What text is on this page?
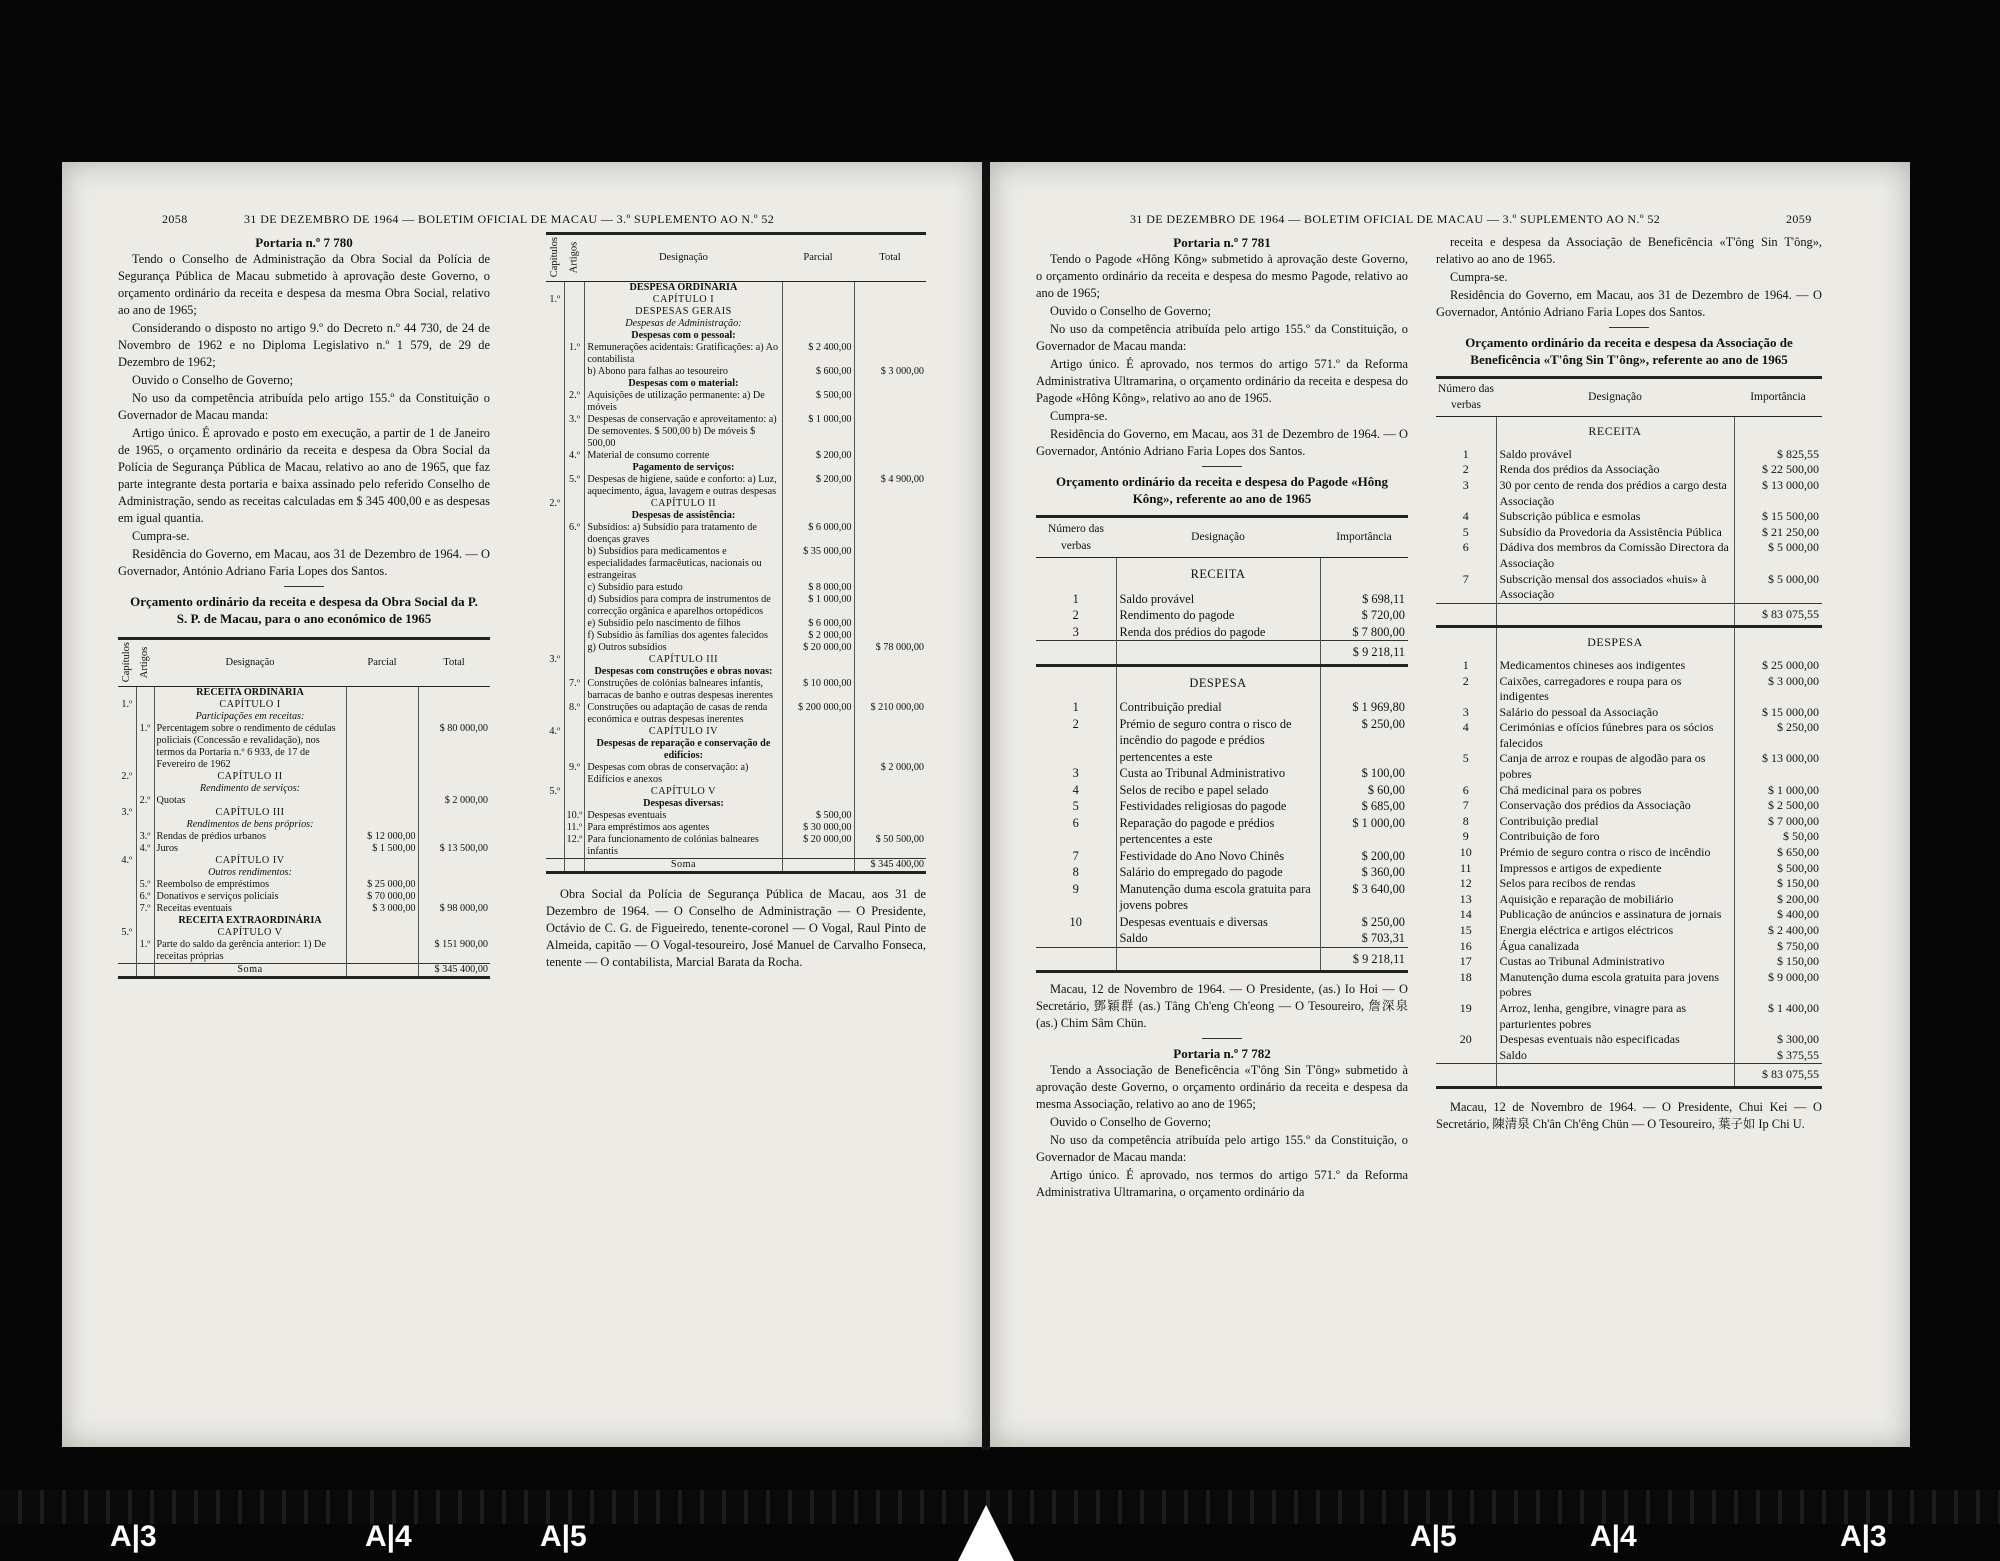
2058	31 DE DEZEMBRO DE 1964 — BOLETIM OFICIAL DE MACAU — 3.º SUPLEMENTO AO N.º 52
Portaria n.º 7 780

Tendo o Conselho de Administração da Obra Social da Polícia de Segurança Pública de Macau submetido à aprovação deste Governo, o orçamento ordinário da receita e despesa da mesma Obra Social, relativo ao ano de 1965;

Considerando o disposto no artigo 9.º do Decreto n.º 44 730, de 24 de Novembro de 1962 e no Diploma Legislativo n.º 1 579, de 29 de Dezembro de 1962;

Ouvido o Conselho de Governo;

No uso da competência atribuída pelo artigo 155.º da Constituição o Governador de Macau manda:

Artigo único. É aprovado e posto em execução, a partir de 1 de Janeiro de 1965, o orçamento ordinário da receita e despesa da Obra Social da Polícia de Segurança Pública de Macau, relativo ao ano de 1965, que faz parte integrante desta portaria e baixa assinado pelo referido Conselho de Administração, sendo as receitas calculadas em $ 345 400,00 e as despesas em igual quantia.

Cumpra-se.

Residência do Governo, em Macau, aos 31 de Dezembro de 1964. — O Governador, António Adriano Faria Lopes dos Santos.

Orçamento ordinário da receita e despesa da Obra Social da P. S. P. de Macau, para o ano económico de 1965
Capítulos	Artigos	Designação	Parcial	Total
		RECEITA ORDINÁRIA		
1.º		CAPÍTULO I		
		Participações em receitas:		
	1.º	Percentagem sobre o rendimento de cédulas policiais (Concessão e revalidação), nos termos da Portaria n.º 6 933, de 17 de Fevereiro de 1962		$ 80 000,00
2.º		CAPÍTULO II		
		Rendimento de serviços:		
	2.º	Quotas		$ 2 000,00
3.º		CAPÍTULO III		
		Rendimentos de bens próprios:		
	3.º	Rendas de prédios urbanos	$ 12 000,00	
	4.º	Juros	$ 1 500,00	$ 13 500,00
4.º		CAPÍTULO IV		
		Outros rendimentos:		
	5.º	Reembolso de empréstimos	$ 25 000,00	
	6.º	Donativos e serviços policiais	$ 70 000,00	
	7.º	Receitas eventuais	$ 3 000,00	$ 98 000,00
		RECEITA EXTRAORDINÁRIA		
5.º		CAPÍTULO V		
	1.º	Parte do saldo da gerência anterior: 1) De receitas próprias		$ 151 900,00
		Soma		$ 345 400,00
Capítulos	Artigos	Designação	Parcial	Total
		DESPESA ORDINÁRIA		
1.º		CAPÍTULO I		
		DESPESAS GERAIS		
		Despesas de Administração:		
		Despesas com o pessoal:		
	1.º	Remunerações acidentais: Gratificações: a) Ao contabilista	$ 2 400,00	
		b) Abono para falhas ao tesoureiro	$ 600,00	$ 3 000,00
		Despesas com o material:		
	2.º	Aquisições de utilização permanente: a) De móveis	$ 500,00	
	3.º	Despesas de conservação e aproveitamento: a) De semoventes. $ 500,00 b) De móveis $ 500,00	$ 1 000,00	
	4.º	Material de consumo corrente	$ 200,00	
		Pagamento de serviços:		
	5.º	Despesas de higiene, saúde e conforto: a) Luz, aquecimento, água, lavagem e outras despesas	$ 200,00	$ 4 900,00
2.º		CAPÍTULO II		
		Despesas de assistência:		
	6.º	Subsídios: a) Subsídio para tratamento de doenças graves	$ 6 000,00	
		b) Subsídios para medicamentos e especialidades farmacêuticas, nacionais ou estrangeiras	$ 35 000,00	
		c) Subsídio para estudo	$ 8 000,00	
		d) Subsídios para compra de instrumentos de correcção orgânica e aparelhos ortopédicos	$ 1 000,00	
		e) Subsídio pelo nascimento de filhos	$ 6 000,00	
		f) Subsídio às famílias dos agentes falecidos	$ 2 000,00	
		g) Outros subsídios	$ 20 000,00	$ 78 000,00
3.º		CAPÍTULO III		
		Despesas com construções e obras novas:		
	7.º	Construções de colónias balneares infantis, barracas de banho e outras despesas inerentes	$ 10 000,00	
	8.º	Construções ou adaptação de casas de renda económica e outras despesas inerentes	$ 200 000,00	$ 210 000,00
4.º		CAPÍTULO IV		
		Despesas de reparação e conservação de edifícios:		
	9.º	Despesas com obras de conservação: a) Edifícios e anexos		$ 2 000,00
5.º		CAPÍTULO V		
		Despesas diversas:		
	10.º	Despesas eventuais	$ 500,00	
	11.º	Para empréstimos aos agentes	$ 30 000,00	
	12.º	Para funcionamento de colónias balneares infantis	$ 20 000,00	$ 50 500,00
		Soma		$ 345 400,00

Obra Social da Polícia de Segurança Pública de Macau, aos 31 de Dezembro de 1964. — O Conselho de Administração — O Presidente, Octávio de C. G. de Figueiredo, tenente-coronel — O Vogal, Raul Pinto de Almeida, capitão — O Vogal-tesoureiro, José Manuel de Carvalho Fonseca, tenente — O contabilista, Marcial Barata da Rocha.

31 DE DEZEMBRO DE 1964 — BOLETIM OFICIAL DE MACAU — 3.º SUPLEMENTO AO N.º 52	2059
Portaria n.º 7 781

Tendo o Pagode «Hông Kông» submetido à aprovação deste Governo, o orçamento ordinário da receita e despesa do mesmo Pagode, relativo ao ano de 1965;

Ouvido o Conselho de Governo;

No uso da competência atribuída pelo artigo 155.º da Constituição, o Governador de Macau manda:

Artigo único. É aprovado, nos termos do artigo 571.º da Reforma Administrativa Ultramarina, o orçamento ordinário da receita e despesa do Pagode «Hông Kông», relativo ao ano de 1965.

Cumpra-se.

Residência do Governo, em Macau, aos 31 de Dezembro de 1964. — O Governador, António Adriano Faria Lopes dos Santos.

Orçamento ordinário da receita e despesa do Pagode «Hông Kông», referente ao ano de 1965
Número das verbas	Designação	Importância
	RECEITA	
1	Saldo provável	$ 698,11
2	Rendimento do pagode	$ 720,00
3	Renda dos prédios do pagode	$ 7 800,00
		$ 9 218,11
	DESPESA	
1	Contribuição predial	$ 1 969,80
2	Prémio de seguro contra o risco de incêndio do pagode e prédios pertencentes a este	$ 250,00
3	Custa ao Tribunal Administrativo	$ 100,00
4	Selos de recibo e papel selado	$ 60,00
5	Festividades religiosas do pagode	$ 685,00
6	Reparação do pagode e prédios pertencentes a este	$ 1 000,00
7	Festividade do Ano Novo Chinês	$ 200,00
8	Salário do empregado do pagode	$ 360,00
9	Manutenção duma escola gratuita para jovens pobres	$ 3 640,00
10	Despesas eventuais e diversas	$ 250,00
	Saldo	$ 703,31
		$ 9 218,11

Macau, 12 de Novembro de 1964. — O Presidente, (as.) Io Hoi — O Secretário, 鄧穎群 (as.) Tâng Ch'eng Ch'eong — O Tesoureiro, 詹深泉 (as.) Chim Sâm Chün.

Portaria n.º 7 782

Tendo a Associação de Beneficência «T'ông Sin T'ông» submetido à aprovação deste Governo, o orçamento ordinário da receita e despesa da mesma Associação, relativo ao ano de 1965;

Ouvido o Conselho de Governo;

No uso da competência atribuída pelo artigo 155.º da Constituição, o Governador de Macau manda:

Artigo único. É aprovado, nos termos do artigo 571.º da Reforma Administrativa Ultramarina, o orçamento ordinário da

receita e despesa da Associação de Beneficência «T'ông Sin T'ông», relativo ao ano de 1965.

Cumpra-se.

Residência do Governo, em Macau, aos 31 de Dezembro de 1964. — O Governador, António Adriano Faria Lopes dos Santos.

Orçamento ordinário da receita e despesa da Associação de Beneficência «T'ông Sin T'ông», referente ao ano de 1965
Número das verbas	Designação	Importância
	RECEITA	
1	Saldo provável	$ 825,55
2	Renda dos prédios da Associação	$ 22 500,00
3	30 por cento de renda dos prédios a cargo desta Associação	$ 13 000,00
4	Subscrição pública e esmolas	$ 15 500,00
5	Subsídio da Provedoria da Assistência Pública	$ 21 250,00
6	Dádiva dos membros da Comissão Directora da Associação	$ 5 000,00
7	Subscrição mensal dos associados «huis» à Associação	$ 5 000,00
		$ 83 075,55
	DESPESA	
1	Medicamentos chineses aos indigentes	$ 25 000,00
2	Caixões, carregadores e roupa para os indigentes	$ 3 000,00
3	Salário do pessoal da Associação	$ 15 000,00
4	Cerimónias e ofícios fúnebres para os sócios falecidos	$ 250,00
5	Canja de arroz e roupas de algodão para os pobres	$ 13 000,00
6	Chá medicinal para os pobres	$ 1 000,00
7	Conservação dos prédios da Associação	$ 2 500,00
8	Contribuição predial	$ 7 000,00
9	Contribuição de foro	$ 50,00
10	Prémio de seguro contra o risco de incêndio	$ 650,00
11	Impressos e artigos de expediente	$ 500,00
12	Selos para recibos de rendas	$ 150,00
13	Aquisição e reparação de mobiliário	$ 200,00
14	Publicação de anúncios e assinatura de jornais	$ 400,00
15	Energia eléctrica e artigos eléctricos	$ 2 400,00
16	Água canalizada	$ 750,00
17	Custas ao Tribunal Administrativo	$ 150,00
18	Manutenção duma escola gratuita para jovens pobres	$ 9 000,00
19	Arroz, lenha, gengibre, vinagre para as parturientes pobres	$ 1 400,00
20	Despesas eventuais não especificadas	$ 300,00
	Saldo	$ 375,55
		$ 83 075,55

Macau, 12 de Novembro de 1964. — O Presidente, Chui Kei — O Secretário, 陳清泉 Ch'ân Ch'êng Chün — O Tesoureiro, 葉子如 Ip Chi U.

A|3	A|4	A|5	A|5	A|4	A|3
